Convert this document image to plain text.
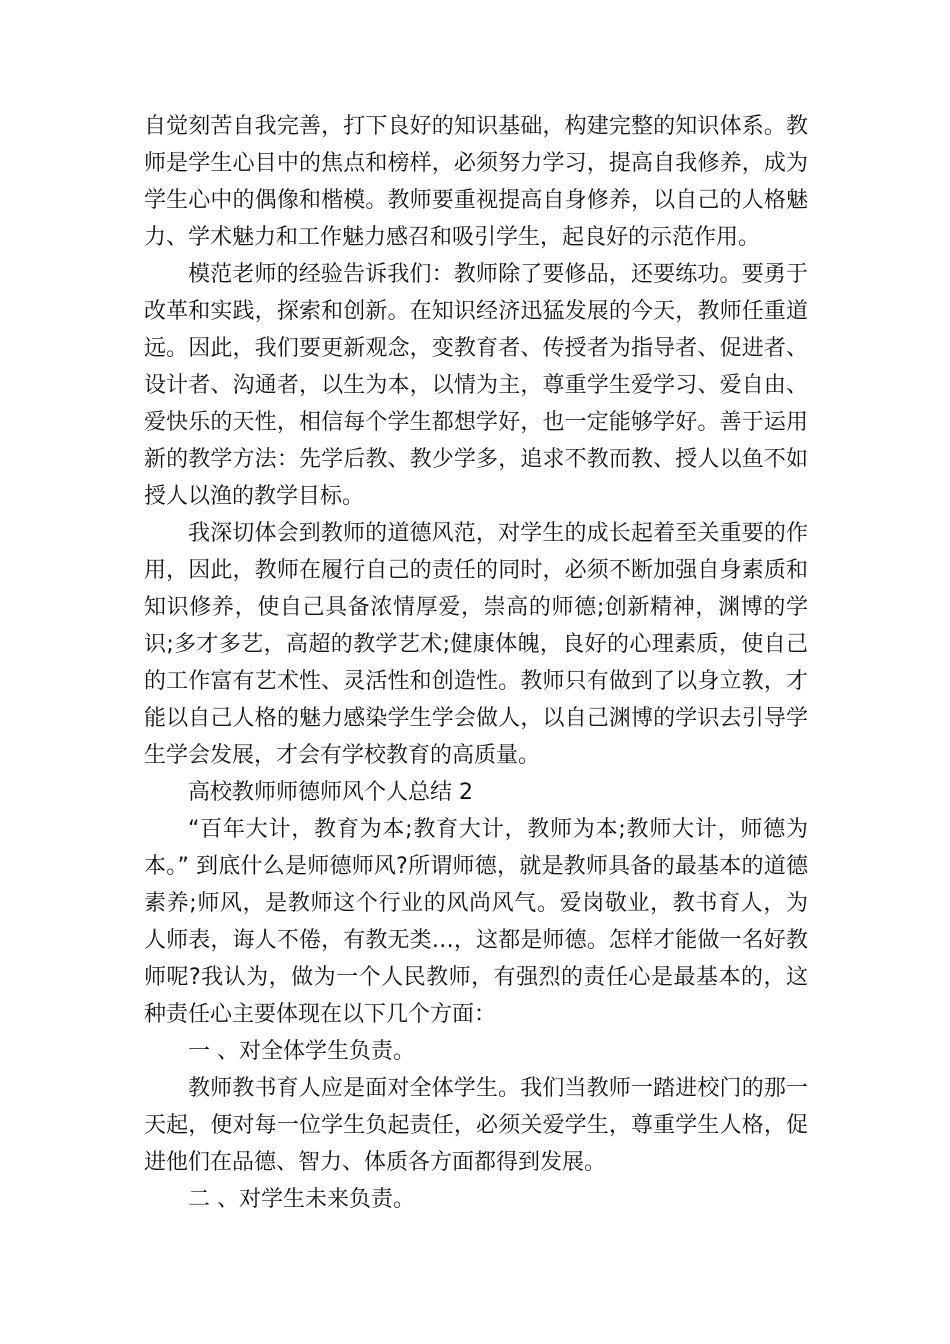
自觉刻苦自我完善，打下良好的知识基础，构建完整的知识体系。教师是学生心目中的焦点和榜样，必须努力学习，提高自我修养，成为学生心中的偶像和楷模。教师要重视提高自身修养，以自己的人格魅力、学术魅力和工作魅力感召和吸引学生，起良好的示范作用。

模范老师的经验告诉我们：教师除了要修品，还要练功。要勇于改革和实践，探索和创新。在知识经济迅猛发展的今天，教师任重道远。因此，我们要更新观念，变教育者、传授者为指导者、促进者、设计者、沟通者，以生为本，以情为主，尊重学生爱学习、爱自由、爱快乐的天性，相信每个学生都想学好，也一定能够学好。善于运用新的教学方法：先学后教、教少学多，追求不教而教、授人以鱼不如授人以渔的教学目标。

我深切体会到教师的道德风范，对学生的成长起着至关重要的作用，因此，教师在履行自己的责任的同时，必须不断加强自身素质和知识修养，使自己具备浓情厚爱，崇高的师德;创新精神，渊博的学识;多才多艺，高超的教学艺术;健康体魄，良好的心理素质，使自己的工作富有艺术性、灵活性和创造性。教师只有做到了以身立教，才能以自己人格的魅力感染学生学会做人，以自己渊博的学识去引导学生学会发展，才会有学校教育的高质量。

高校教师师德师风个人总结 2

“百年大计，教育为本;教育大计，教师为本;教师大计，师德为本。” 到底什么是师德师风?所谓师德，就是教师具备的最基本的道德素养;师风，是教师这个行业的风尚风气。爱岗敬业，教书育人，为人师表，诲人不倦，有教无类…，这都是师德。怎样才能做一名好教师呢?我认为，做为一个人民教师，有强烈的责任心是最基本的，这种责任心主要体现在以下几个方面：

一 、对全体学生负责。

教师教书育人应是面对全体学生。我们当教师一踏进校门的那一天起，便对每一位学生负起责任，必须关爱学生，尊重学生人格，促进他们在品德、智力、体质各方面都得到发展。

二 、对学生未来负责。
